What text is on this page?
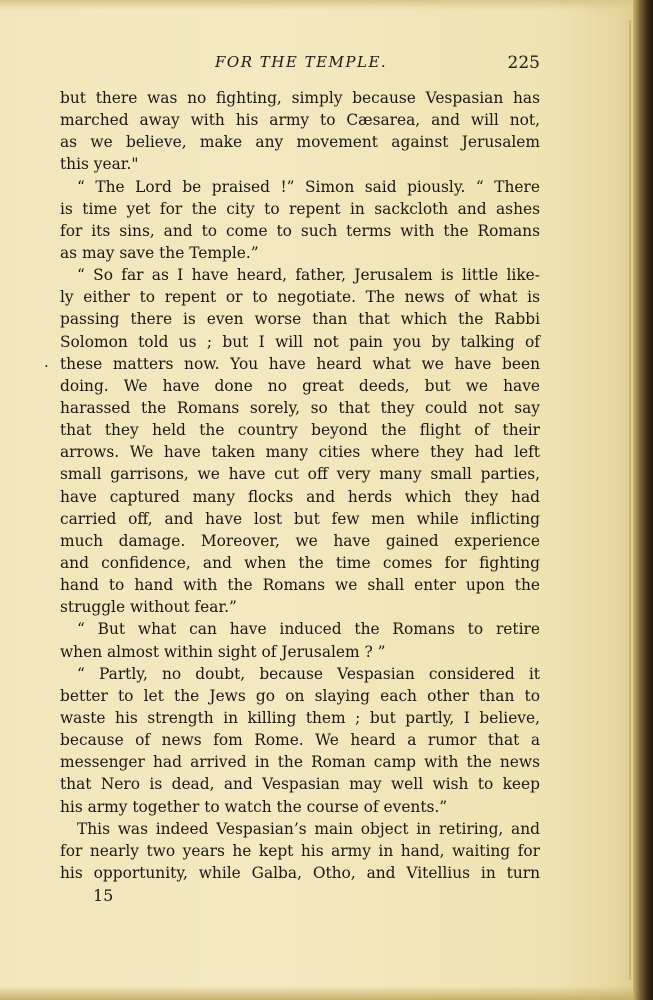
FOR THE TEMPLE.	225
·
but there was no fighting, simply because Vespasian has
marched away with his army to Cæsarea, and will not,
as we believe, make any movement against Jerusalem
this year."
“ The Lord be praised !” Simon said piously. “ There
is time yet for the city to repent in sackcloth and ashes
for its sins, and to come to such terms with the Romans
as may save the Temple.”
“ So far as I have heard, father, Jerusalem is little like-
ly either to repent or to negotiate. The news of what is
passing there is even worse than that which the Rabbi
Solomon told us ; but I will not pain you by talking of
these matters now. You have heard what we have been
doing. We have done no great deeds, but we have
harassed the Romans sorely, so that they could not say
that they held the country beyond the flight of their
arrows. We have taken many cities where they had left
small garrisons, we have cut off very many small parties,
have captured many flocks and herds which they had
carried off, and have lost but few men while inflicting
much damage. Moreover, we have gained experience
and confidence, and when the time comes for fighting
hand to hand with the Romans we shall enter upon the
struggle without fear.”
“ But what can have induced the Romans to retire
when almost within sight of Jerusalem ? ”
“ Partly, no doubt, because Vespasian considered it
better to let the Jews go on slaying each other than to
waste his strength in killing them ; but partly, I believe,
because of news fom Rome. We heard a rumor that a
messenger had arrived in the Roman camp with the news
that Nero is dead, and Vespasian may well wish to keep
his army together to watch the course of events.”
This was indeed Vespasian’s main object in retiring, and
for nearly two years he kept his army in hand, waiting for
his opportunity, while Galba, Otho, and Vitellius in turn
15
